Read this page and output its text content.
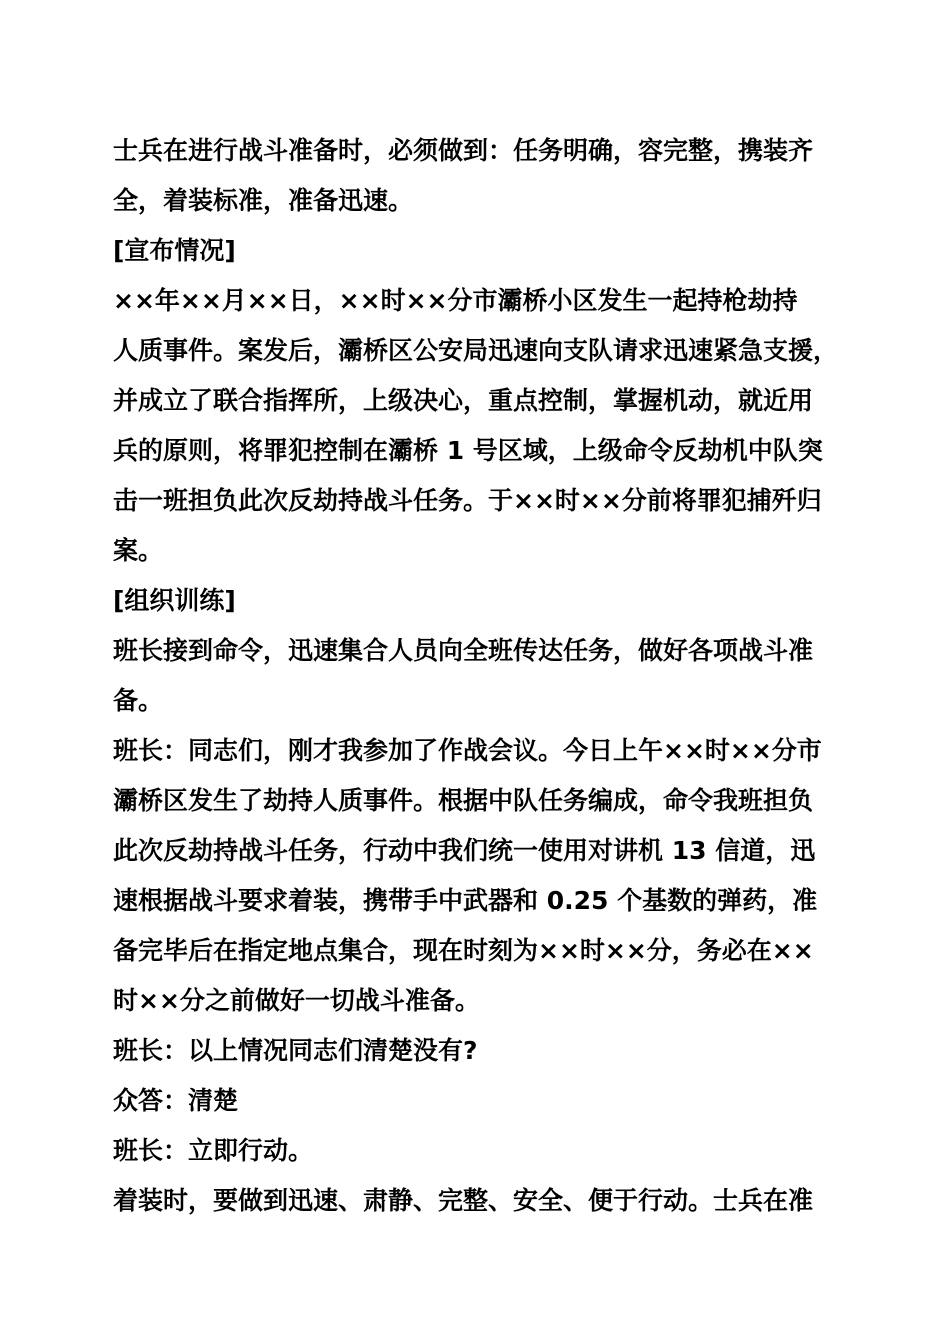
士兵在进行战斗准备时，必须做到：任务明确，容完整，携装齐
全，着装标准，准备迅速。
[宣布情况]
××年××月××日，××时××分市灞桥小区发生一起持枪劫持
人质事件。案发后，灞桥区公安局迅速向支队请求迅速紧急支援，
并成立了联合指挥所，上级决心，重点控制，掌握机动，就近用
兵的原则，将罪犯控制在灞桥 1 号区域，上级命令反劫机中队突
击一班担负此次反劫持战斗任务。于××时××分前将罪犯捕歼归
案。
[组织训练]
班长接到命令，迅速集合人员向全班传达任务，做好各项战斗准
备。
班长：同志们，刚才我参加了作战会议。今日上午××时××分市
灞桥区发生了劫持人质事件。根据中队任务编成，命令我班担负
此次反劫持战斗任务，行动中我们统一使用对讲机 13 信道，迅
速根据战斗要求着装，携带手中武器和 0.25 个基数的弹药，准
备完毕后在指定地点集合，现在时刻为××时××分，务必在××
时××分之前做好一切战斗准备。
班长：以上情况同志们清楚没有?
众答：清楚
班长：立即行动。
着装时，要做到迅速、肃静、完整、安全、便于行动。士兵在准
